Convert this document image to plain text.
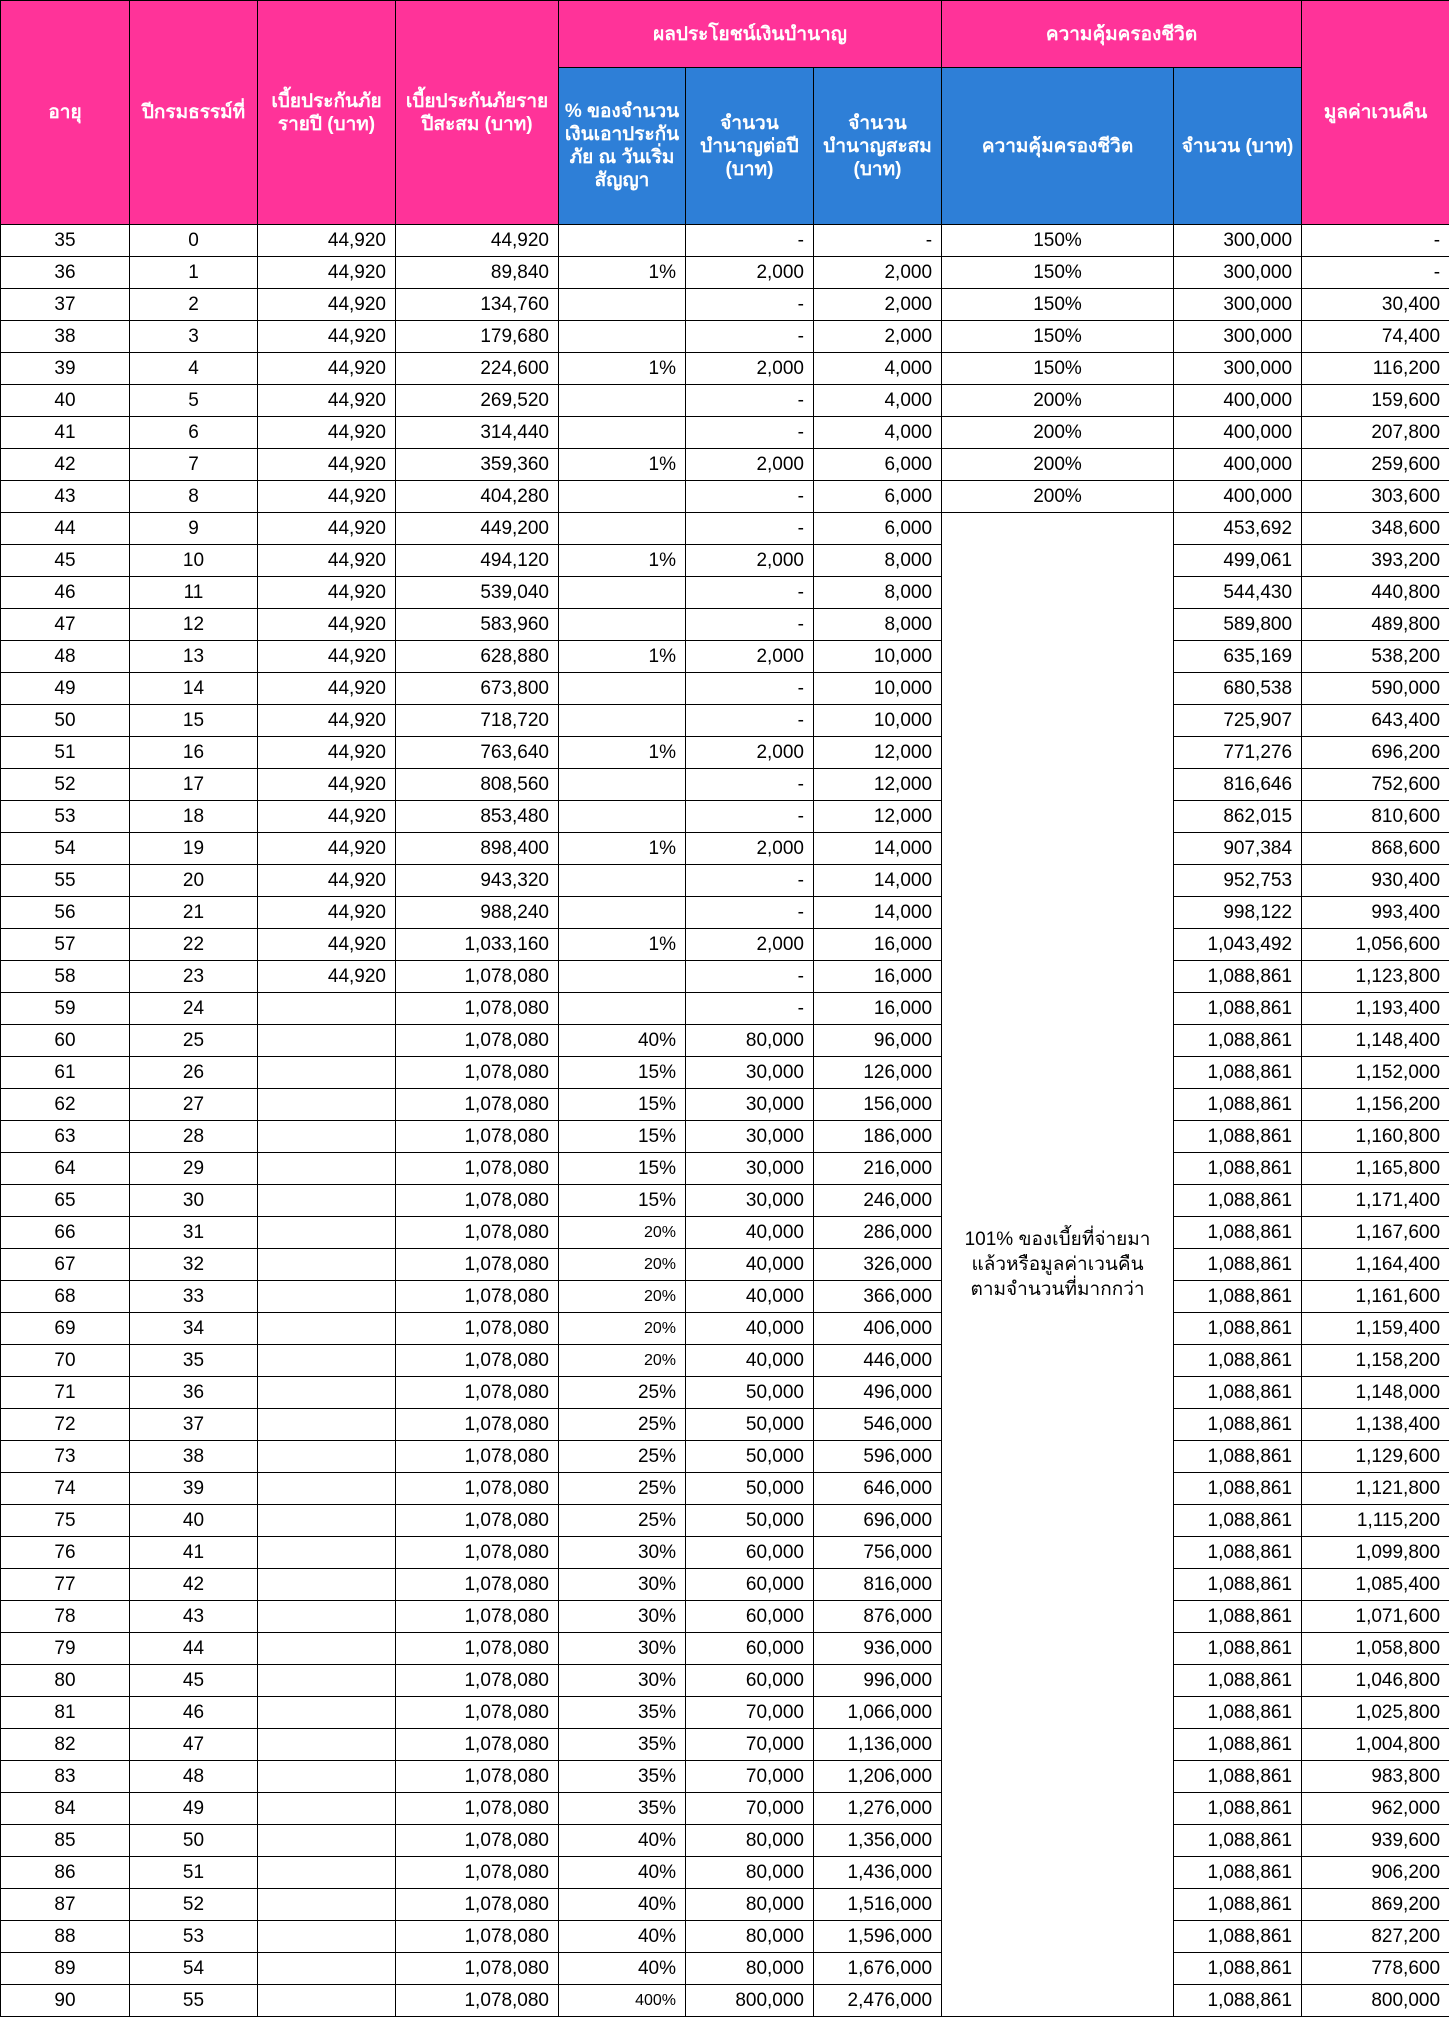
อายุ	ปีกรมธรรม์ที่	เบี้ยประกันภัยรายปี (บาท)	เบี้ยประกันภัยรายปีสะสม (บาท)	ผลประโยชน์เงินบำนาญ			ความคุ้มครองชีวิต		มูลค่าเวนคืน
				% ของจำนวนเงินเอาประกันภัย ณ วันเริ่มสัญญา	จำนวนบำนาญต่อปี (บาท)	จำนวนบำนาญสะสม (บาท)	ความคุ้มครองชีวิต	จำนวน (บาท)	
35	0	44,920	44,920		-	-	150%	300,000	-
36	1	44,920	89,840	1%	2,000	2,000	150%	300,000	-
37	2	44,920	134,760		-	2,000	150%	300,000	30,400
38	3	44,920	179,680		-	2,000	150%	300,000	74,400
39	4	44,920	224,600	1%	2,000	4,000	150%	300,000	116,200
40	5	44,920	269,520		-	4,000	200%	400,000	159,600
41	6	44,920	314,440		-	4,000	200%	400,000	207,800
42	7	44,920	359,360	1%	2,000	6,000	200%	400,000	259,600
43	8	44,920	404,280		-	6,000	200%	400,000	303,600
44	9	44,920	449,200		-	6,000	101% ของเบี้ยที่จ่ายมาแล้วหรือมูลค่าเวนคืนตามจำนวนที่มากกว่า	453,692	348,600
45	10	44,920	494,120	1%	2,000	8,000		499,061	393,200
46	11	44,920	539,040		-	8,000		544,430	440,800
47	12	44,920	583,960		-	8,000		589,800	489,800
48	13	44,920	628,880	1%	2,000	10,000		635,169	538,200
49	14	44,920	673,800		-	10,000		680,538	590,000
50	15	44,920	718,720		-	10,000		725,907	643,400
51	16	44,920	763,640	1%	2,000	12,000		771,276	696,200
52	17	44,920	808,560		-	12,000		816,646	752,600
53	18	44,920	853,480		-	12,000		862,015	810,600
54	19	44,920	898,400	1%	2,000	14,000		907,384	868,600
55	20	44,920	943,320		-	14,000		952,753	930,400
56	21	44,920	988,240		-	14,000		998,122	993,400
57	22	44,920	1,033,160	1%	2,000	16,000		1,043,492	1,056,600
58	23	44,920	1,078,080		-	16,000		1,088,861	1,123,800
59	24		1,078,080		-	16,000		1,088,861	1,193,400
60	25		1,078,080	40%	80,000	96,000		1,088,861	1,148,400
61	26		1,078,080	15%	30,000	126,000		1,088,861	1,152,000
62	27		1,078,080	15%	30,000	156,000		1,088,861	1,156,200
63	28		1,078,080	15%	30,000	186,000		1,088,861	1,160,800
64	29		1,078,080	15%	30,000	216,000		1,088,861	1,165,800
65	30		1,078,080	15%	30,000	246,000		1,088,861	1,171,400
66	31		1,078,080	20%	40,000	286,000		1,088,861	1,167,600
67	32		1,078,080	20%	40,000	326,000		1,088,861	1,164,400
68	33		1,078,080	20%	40,000	366,000		1,088,861	1,161,600
69	34		1,078,080	20%	40,000	406,000		1,088,861	1,159,400
70	35		1,078,080	20%	40,000	446,000		1,088,861	1,158,200
71	36		1,078,080	25%	50,000	496,000		1,088,861	1,148,000
72	37		1,078,080	25%	50,000	546,000		1,088,861	1,138,400
73	38		1,078,080	25%	50,000	596,000		1,088,861	1,129,600
74	39		1,078,080	25%	50,000	646,000		1,088,861	1,121,800
75	40		1,078,080	25%	50,000	696,000		1,088,861	1,115,200
76	41		1,078,080	30%	60,000	756,000		1,088,861	1,099,800
77	42		1,078,080	30%	60,000	816,000		1,088,861	1,085,400
78	43		1,078,080	30%	60,000	876,000		1,088,861	1,071,600
79	44		1,078,080	30%	60,000	936,000		1,088,861	1,058,800
80	45		1,078,080	30%	60,000	996,000		1,088,861	1,046,800
81	46		1,078,080	35%	70,000	1,066,000		1,088,861	1,025,800
82	47		1,078,080	35%	70,000	1,136,000		1,088,861	1,004,800
83	48		1,078,080	35%	70,000	1,206,000		1,088,861	983,800
84	49		1,078,080	35%	70,000	1,276,000		1,088,861	962,000
85	50		1,078,080	40%	80,000	1,356,000		1,088,861	939,600
86	51		1,078,080	40%	80,000	1,436,000		1,088,861	906,200
87	52		1,078,080	40%	80,000	1,516,000		1,088,861	869,200
88	53		1,078,080	40%	80,000	1,596,000		1,088,861	827,200
89	54		1,078,080	40%	80,000	1,676,000		1,088,861	778,600
90	55		1,078,080	400%	800,000	2,476,000		1,088,861	800,000
